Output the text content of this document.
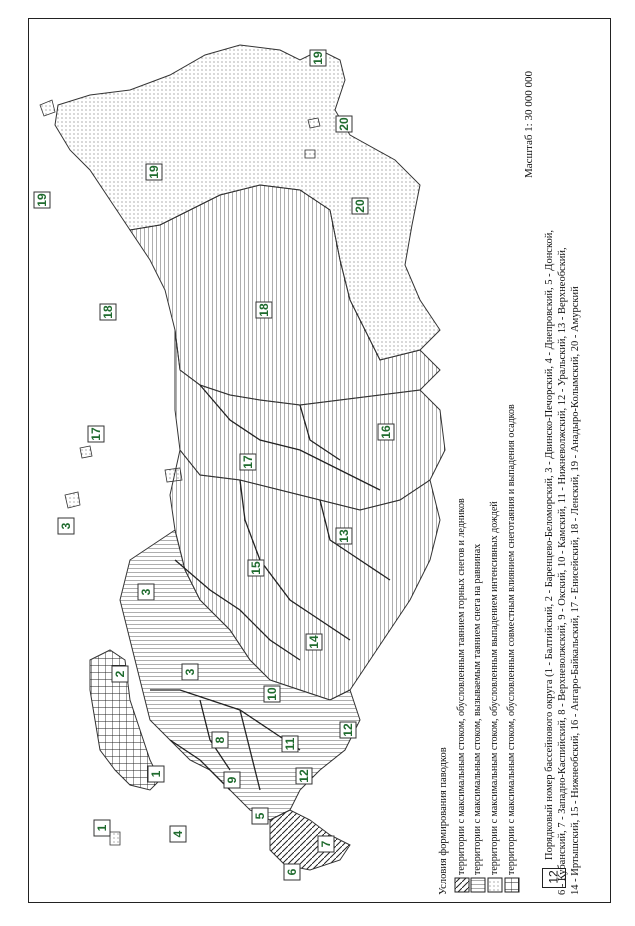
1
1
2	3
3
3
4
5
6
7
8
9
10
11
12
12
13
14
15
16
17
17
18
18
19
19
19
20
20
Условия формирования паводков территории с максимальным стоком, обусловленным таянием горных снегов и ледников территории с максимальным стоком, вызываемым таянием снега на равнинах территории с максимальным стоком, обусловленным выпадением интенсивных дождей территории с максимальным стоком, обусловленным совместным влиянием снеготаяния и выпадения осадков
12
Порядковый номер бассейнового округа (1 - Балтийский, 2 - Баренцево-Беломорский, 3 - Двинско-Печорский, 4 - Днепровский, 5 - Донской, 6 - Кубанский, 7 - Западно-Каспийский, 8 - Верхневолжский, 9 - Окский, 10 - Камский, 11 - Нижневолжский, 12 - Уральский, 13 - Верхнеобский, 14 - Иртышский, 15 - Нижнеобский, 16 - Ангаро-Байкальский, 17 - Енисейский, 18 - Ленский, 19 - Анадыро-Колымский, 20 - Амурский
Масштаб 1: 30 000 000
